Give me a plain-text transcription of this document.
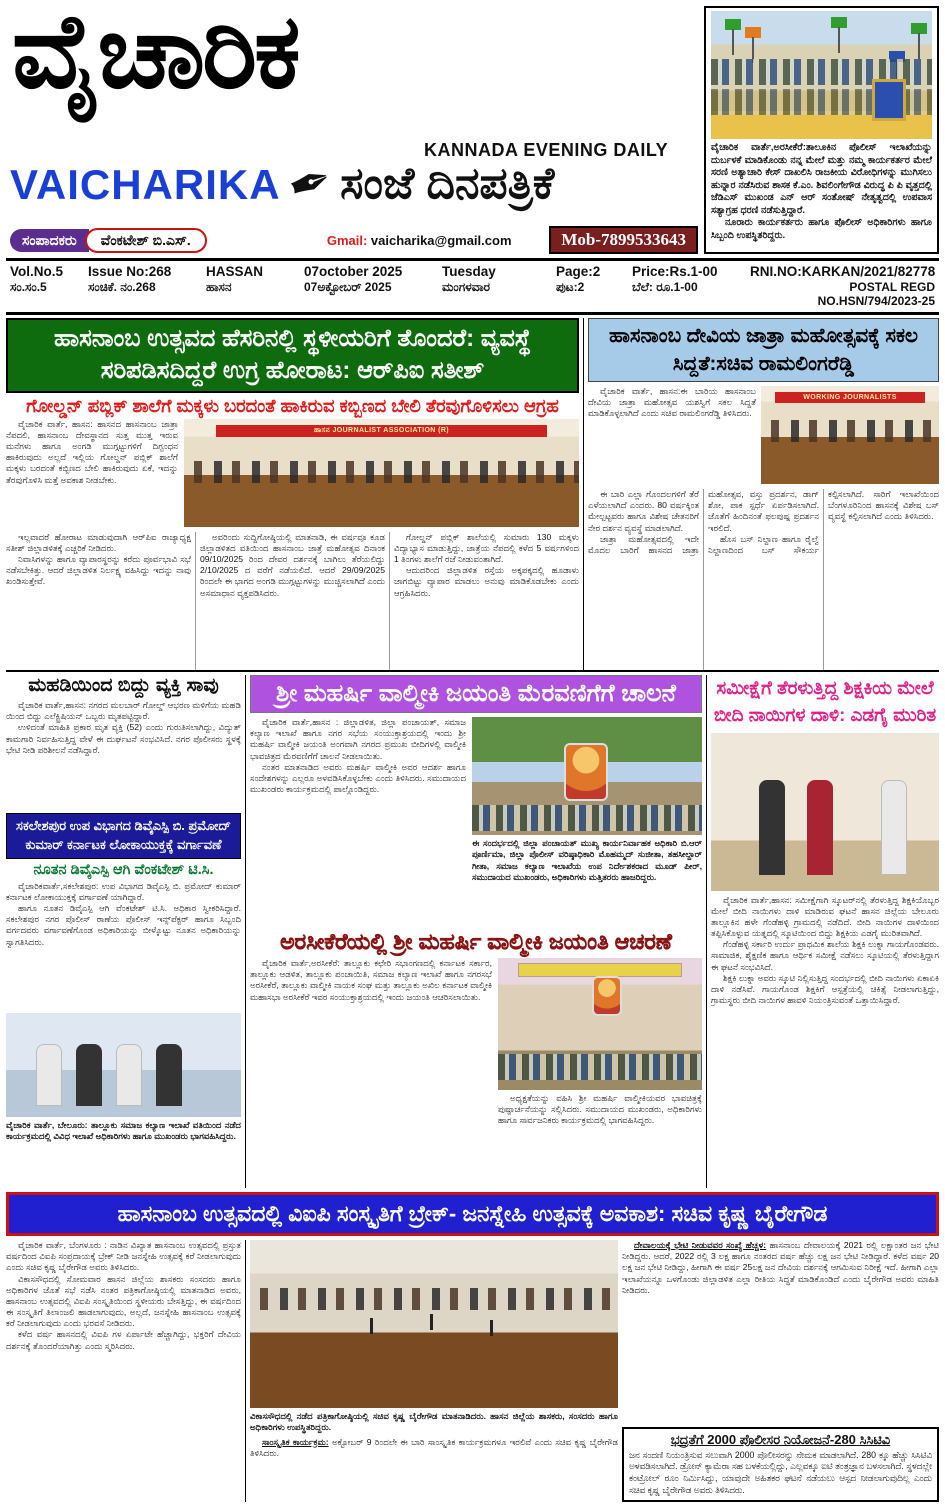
ವೈಚಾರಿಕ
KANNADA EVENING DAILY
VAICHARIKA ✒ ಸಂಜೆ ದಿನಪತ್ರಿಕೆ
ಸಂಪಾದಕರು	ವೆಂಕಟೇಶ್ ಬಿ.ಎಸ್.	Gmail: vaicharika@gmail.com	Mob-7899533643

ವೈಚಾರಿಕ ವಾರ್ತೆ,ಅರಸೀಕೆರೆ:ತಾಲೂಕಿನ ಪೊಲೀಸ್ ಇಲಾಖೆಯನ್ನು ದುರ್ಬಳಕೆ ಮಾಡಿಕೊಂಡು ನನ್ನ ಮೇಲೆ ಮತ್ತು ನಮ್ಮ ಕಾರ್ಯಕರ್ತರ ಮೇಲೆ ಸರಣಿ ಅತ್ಯಾಚಾರಿ ಕೇಸ್ ದಾಖಲಿಸಿ ರಾಜಕೀಯ ವಿರೋಧಿಗಳನ್ನು ಮುಗಿಸಲು ಹುನ್ನಾರ ನಡೆಸಿರುವ ಶಾಸಕ ಕೆ.ಎಂ. ಶಿವಲಿಂಗೇಗೌಡ ವಿರುದ್ಧ ಪಿ ಪಿ ವೃತ್ತದಲ್ಲಿ ಜೆಡಿಎಸ್ ಮುಖಂಡ ಎನ್ ಆರ್ ಸಂತೋಷ್ ನೇತೃತ್ವದಲ್ಲಿ ಉಪವಾಸ ಸತ್ಯಾಗ್ರಹ ಧರಣಿ ನಡೆಸುತ್ತಿದ್ದಾರೆ.

ನೂರಾರು ಕಾರ್ಯಕರ್ತರು ಹಾಗೂ ಪೊಲೀಸ್ ಅಧಿಕಾರಿಗಳು ಹಾಗೂ ಸಿಬ್ಬಂದಿ ಉಪಸ್ಥಿತರಿದ್ದರು.

Vol.No.5	Issue No:268	HASSAN	07october 2025	Tuesday	Page:2	Price:Rs.1-00	RNI.NO:KARKAN/2021/82778
ಸಂ.ಸಂ.5	ಸಂಚಿಕೆ. ನಂ.268	ಹಾಸನ	07ಅಕ್ಟೋಬರ್ 2025	ಮಂಗಳವಾರ	ಪುಟ:2	ಬೆಲೆ: ರೂ.1-00	POSTAL REGD NO.HSN/794/2023-25
ಹಾಸನಾಂಬ ಉತ್ಸವದ ಹೆಸರಿನಲ್ಲಿ ಸ್ಥಳೀಯರಿಗೆ ತೊಂದರೆ: ವ್ಯವಸ್ಥೆ ಸರಿಪಡಿಸದಿದ್ದರೆ ಉಗ್ರ ಹೋರಾಟ: ಆರ್‌ಪಿಐ ಸತೀಶ್
ಗೋಲ್ಡನ್ ಪಬ್ಲಿಕ್ ಶಾಲೆಗೆ ಮಕ್ಕಳು ಬರದಂತೆ ಹಾಕಿರುವ ಕಬ್ಬಿಣದ ಬೇಲಿ ತೆರವುಗೊಳಿಸಲು ಆಗ್ರಹ

ವೈಚಾರಿಕ ವಾರ್ತೆ, ಹಾಸನ: ಹಾಸನದ ಹಾಸನಾಂಬ ಜಾತ್ರಾ ನೆಪದಲಿ, ಹಾಸನಾಂಬ ದೇವಸ್ಥಾನದ ಸುತ್ತ ಮುತ್ತ ಇರುವ ಮನೆಗಳು ಹಾಗೂ ಅಂಗಡಿ ಮುಗ್ಗಟ್ಟುಗಳಿಗೆ ದಿಗ್ಬಂಧನ ಹಾಕಿರುವುದು ಅಲ್ಲದೆ ಇಲ್ಲಿಯ ಗೋಲ್ಡನ್ ಪಬ್ಲಿಕ್ ಶಾಲೆಗೆ ಮಕ್ಕಳು ಬರದಂತೆ ಕಬ್ಬಿಣದ ಬೇಲಿ ಹಾಕಿರುವುದು ಏಕೆ, ಇದನ್ನು ತೆರವುಗೊಳಿಸಿ ಮತ್ತೆ ಅವಕಾಶ ನೀಡಬೇಕು.

ಹಾಸನ JOURNALIST ASSOCIATION (R)

ಇಲ್ಲವಾದರೆ ಹೋರಾಟ ಮಾಡುವುದಾಗಿ ಆರ್‌ಪಿಐ ರಾಜ್ಯಾಧ್ಯಕ್ಷ ಸತೀಶ್ ಜಿಲ್ಲಾಡಳಿತಕ್ಕೆ ಎಚ್ಚರಿಕೆ ನೀಡಿದರು.

ನಿವಾಸಿಗಳನ್ನು ಹಾಗೂ ವ್ಯಾಪಾರಸ್ಥರನ್ನು ಕರೆದು ಪೂರ್ವಭಾವಿ ಸಭೆ ನಡೆಸಬೇಕಿತ್ತು. ಆದರೆ ಜಿಲ್ಲಾಡಳಿತ ನಿರ್ಲಕ್ಷ್ಯ ವಹಿಸಿದ್ದು ಇದನ್ನು ನಾವು ಖಂಡಿಸುತ್ತೇವೆ.

ಅವರಿಂದು ಸುದ್ದಿಗೋಷ್ಠಿಯಲ್ಲಿ ಮಾತನಾಡಿ, ಈ ವರ್ಷವೂ ಕೂಡ ಜಿಲ್ಲಾಡಳಿತದ ವತಿಯಿಂದ ಹಾಸನಾಂಬ ಜಾತ್ರೆ ಮಹೋತ್ಸವ ದಿನಾಂಕ 09/10/2025 ರಿಂದ ದೇವರ ದರ್ಶನಕ್ಕೆ ಬಾಗಿಲು ತೆರೆಯಲಿದ್ದು 2/10/2025 ದ ವರೆಗೆ ನಡೆಯಲಿದೆ. ಆದರೆ 29/09/2025 ರಿಂದಲೇ ಈ ಭಾಗದ ಅಂಗಡಿ ಮುಗ್ಗಟ್ಟುಗಳನ್ನು ಮುಚ್ಚಿಸಲಾಗಿದೆ ಎಂದು ಅಸಮಾಧಾನ ವ್ಯಕ್ತಪಡಿಸಿದರು.

ಗೋಲ್ಡನ್ ಪಬ್ಲಿಕ್ ಶಾಲೆಯಲ್ಲಿ ಸುಮಾರು 130 ಮಕ್ಕಳು ವಿದ್ಯಾಭ್ಯಾಸ ಮಾಡುತ್ತಿದ್ದು, ಜಾತ್ರೆಯ ನೆಪದಲ್ಲಿ ಕಳೆದ 5 ವರ್ಷಗಳಿಂದ 1 ತಿಂಗಳು ಶಾಲೆಗೆ ರಜೆ ನೀಡುವಂತಾಗಿದೆ.

ಆದುದರಿಂದ ಜಿಲ್ಲಾಡಳಿತ ರಸ್ತೆಯ ಅಕ್ಕಪಕ್ಕದಲ್ಲಿ ಹೂಡಾಳು ಜಾಗಬಿಟ್ಟು ವ್ಯಾಪಾರ ಮಾಡಲು ಅನುವು ಮಾಡಿಕೊಡಬೇಕು ಎಂದು ಆಗ್ರಹಿಸಿದರು.

ಹಾಸನಾಂಬ ದೇವಿಯ ಜಾತ್ರಾ ಮಹೋತ್ಸವಕ್ಕೆ ಸಕಲ ಸಿದ್ದತೆ:ಸಚಿವ ರಾಮಲಿಂಗರೆಡ್ಡಿ

ವೈಚಾರಿಕ ವಾರ್ತೆ, ಹಾಸನ:ಈ ಬಾರಿಯ ಹಾಸನಾಂಬ ದೇವಿಯ ಜಾತ್ರಾ ಮಹೋತ್ಸವ ಯಶಸ್ವಿಗೆ ಸಕಲ ಸಿದ್ದತೆ ಮಾಡಿಕೊಳ್ಳಲಾಗಿದೆ ಎಂದು ಸಚಿವ ರಾಮಲಿಂಗರೆಡ್ಡಿ ತಿಳಿಸಿದರು.

WORKING JOURNALISTS

ಈ ಬಾರಿ ಎಲ್ಲಾ ಗೊಂದಲಗಳಿಗೆ ತೆರೆ ಎಳೆಯಲಾಗಿದೆ ಎಂದರು. 80 ವರ್ಷಕ್ಕಿಂತ ಮೇಲ್ಪಟ್ಟವರು ಹಾಗೂ ವಿಶೇಷ ಚೇತನರಿಗೆ ನೇರ ದರ್ಶನ ವ್ಯವಸ್ಥೆ ಮಾಡಲಾಗಿದೆ.

ಜಾತ್ರಾ ಮಹೋತ್ಸವದಲ್ಲಿ ಇದೇ ಮೊದಲ ಬಾರಿಗೆ ಹಾಸನದ ಜಾತ್ರಾ ಮಹೋತ್ಸವ, ವಸ್ತು ಪ್ರದರ್ಶನ, ಡಾಗ್ ಶೋ, ಪಾಕ ಸ್ಪರ್ಧೆ ಏರ್ಪಡಿಸಲಾಗಿದೆ. ಜೊತೆಗೆ ಹಿಂದಿನಂತೆ ಫಲಪುಷ್ಪ ಪ್ರದರ್ಶನ ಇರಲಿದೆ.

ಹೊಸ ಬಸ್ ನಿಲ್ದಾಣ ಹಾಗೂ ರೈಲ್ವೆ ನಿಲ್ದಾಣದಿಂದ ಬಸ್ ಸೌಕರ್ಯ ಕಲ್ಪಿಸಲಾಗಿದೆ. ಸಾರಿಗೆ ಇಲಾಖೆಯಿಂದ ಬೆಂಗಳೂರಿನಿಂದ ಹಾಸನಕ್ಕೆ ವಿಶೇಷ ಬಸ್ ವ್ಯವಸ್ಥೆ ಕಲ್ಪಿಸಲಾಗಿದೆ ಎಂದು ತಿಳಿಸಿದರು.

ಮಹಡಿಯಿಂದ ಬಿದ್ದು ವ್ಯಕ್ತಿ ಸಾವು

ವೈಚಾರಿಕ ವಾರ್ತೆ,ಹಾಸನ: ನಗರದ ಮಲಬಾರ್ ಗೋಲ್ಡ್ ಆಭರಣ ಮಳಿಗೆಯ ಮಹಡಿ ಯಿಂದ ಬಿದ್ದು ಎಲೆಕ್ಟ್ರಿಷಿಯನ್ ಒಬ್ಬರು ಮೃತಪಟ್ಟಿದ್ದಾರೆ.

ಉಳಿದಂತೆ ಮಾಹಿತಿ ಪ್ರಕಾರ ಮೃತ ವ್ಯಕ್ತಿ (52) ಎಂದು ಗುರುತಿಸಲಾಗಿದ್ದು, ವಿದ್ಯುತ್ ಕಾಮಗಾರಿ ನಿರ್ವಹಿಸುತ್ತಿದ್ದ ವೇಳೆ ಈ ದುರ್ಘಟನೆ ಸಂಭವಿಸಿದೆ. ನಗರ ಪೊಲೀಸರು ಸ್ಥಳಕ್ಕೆ ಭೇಟಿ ನೀಡಿ ಪರಿಶೀಲನೆ ನಡೆಸಿದ್ದಾರೆ.

ಸಕಲೇಶಪುರ ಉಪ ವಿಭಾಗದ ಡಿವೈಎಸ್ಪಿ ಬಿ. ಪ್ರಮೋದ್ ಕುಮಾರ್ ಕರ್ನಾಟಕ ಲೋಕಾಯುಕ್ತಕ್ಕೆ ವರ್ಗಾವಣೆ
ನೂತನ ಡಿವೈಎಸ್ಪಿ ಆಗಿ ವೆಂಕಟೇಶ್ ಟಿ.ಸಿ.

ವೈಚಾರಿಕವಾರ್ತೆ,ಸಕಲೇಶಪುರ: ಉಪ ವಿಭಾಗದ ಡಿವೈಎಸ್ಪಿ ಬಿ. ಪ್ರಮೋದ್ ಕುಮಾರ್ ಕರ್ನಾಟಕ ಲೋಕಾಯುಕ್ತಕ್ಕೆ ವರ್ಗಾವಣೆ ಯಾಗಿದ್ದಾರೆ.

ಹಾಗೂ ನೂತನ ಡಿವೈಎಸ್ಪಿ ಆಗಿ ವೆಂಕಟೇಶ್ ಟಿ.ಸಿ. ಅಧಿಕಾರ ಸ್ವೀಕರಿಸಿದ್ದಾರೆ. ಸಕಲೇಶಪುರ ನಗರ ಪೊಲೀಸ್ ಠಾಣೆಯ ಪೊಲೀಸ್ ಇನ್ಸ್‌ಪೆಕ್ಟರ್ ಹಾಗೂ ಸಿಬ್ಬಂದಿ ವರ್ಗದವರು ವರ್ಗಾವಣೆಗೊಂಡ ಅಧಿಕಾರಿಯನ್ನು ಬೀಳ್ಕೊಟ್ಟು ನೂತನ ಅಧಿಕಾರಿಯನ್ನು ಸ್ವಾಗತಿಸಿದರು.

ವೈಚಾರಿಕ ವಾರ್ತೆ, ಬೇಲೂರು: ತಾಲ್ಲೂಕು ಸಮಾಜ ಕಲ್ಯಾಣ ಇಲಾಖೆ ವತಿಯಿಂದ ನಡೆದ ಕಾರ್ಯಕ್ರಮದಲ್ಲಿ ವಿವಿಧ ಇಲಾಖೆ ಅಧಿಕಾರಿಗಳು ಹಾಗೂ ಮುಖಂಡರು ಭಾಗವಹಿಸಿದ್ದರು.
ಶ್ರೀ ಮಹರ್ಷಿ ವಾಲ್ಮೀಕಿ ಜಯಂತಿ ಮೆರವಣಿಗೆಗೆ ಚಾಲನೆ

ವೈಚಾರಿಕ ವಾರ್ತೆ,ಹಾಸನ : ಜಿಲ್ಲಾಡಳಿತ, ಜಿಲ್ಲಾ ಪಂಚಾಯತ್, ಸಮಾಜ ಕಲ್ಯಾಣ ಇಲಾಖೆ ಹಾಗೂ ನಗರ ಸಭೆಯ ಸಂಯುಕ್ತಾಶ್ರಯದಲ್ಲಿ ಇಂದು ಶ್ರೀ ಮಹರ್ಷಿ ವಾಲ್ಮೀಕಿ ಜಯಂತಿ ಅಂಗವಾಗಿ ನಗರದ ಪ್ರಮುಖ ಬೀದಿಗಳಲ್ಲಿ ವಾಲ್ಮೀಕಿ ಭಾವಚಿತ್ರದ ಮೆರವಣಿಗೆಗೆ ಚಾಲನೆ ನೀಡಲಾಯಿತು.

ನಂತರ ಮಾತನಾಡಿದ ಅವರು ಮಹರ್ಷಿ ವಾಲ್ಮೀಕಿ ಅವರ ಆದರ್ಶ ಹಾಗೂ ಸಂದೇಶಗಳನ್ನು ಎಲ್ಲರೂ ಅಳವಡಿಸಿಕೊಳ್ಳಬೇಕು ಎಂದು ತಿಳಿಸಿದರು. ಸಮುದಾಯದ ಮುಖಂಡರು ಕಾರ್ಯಕ್ರಮದಲ್ಲಿ ಪಾಲ್ಗೊಂಡಿದ್ದರು.

ಈ ಸಂದರ್ಭದಲ್ಲಿ ಜಿಲ್ಲಾ ಪಂಚಾಯತ್ ಮುಖ್ಯ ಕಾರ್ಯನಿರ್ವಾಹಕ ಅಧಿಕಾರಿ ಬಿ.ಆರ್ ಪೂರ್ಣಿಮಾ, ಜಿಲ್ಲಾ ಪೊಲೀಸ್ ವರಿಷ್ಠಾಧಿಕಾರಿ ಮೊಹಮ್ಮದ್ ಸುಜೀತಾ, ತಹಸೀಲ್ದಾರ್ ಗೀತಾ, ಸಮಾಜ ಕಲ್ಯಾಣ ಇಲಾಖೆಯ ಉಪ ನಿರ್ದೇಶಕರಾದ ಮೂಡ್ ಪೀರ್, ಸಮುದಾಯದ ಮುಖಂಡರು, ಅಧಿಕಾರಿಗಳು ಮತ್ತಿತರರು ಹಾಜರಿದ್ದರು.
ಅರಸೀಕೆರೆಯಲ್ಲಿ ಶ್ರೀ ಮಹರ್ಷಿ ವಾಲ್ಮೀಕಿ ಜಯಂತಿ ಆಚರಣೆ

ವೈಚಾರಿಕ ವಾರ್ತೆ,ಅರಸೀಕೆರೆ: ತಾಲ್ಲೂಕು ಕಛೇರಿ ಸಭಾಂಗಣದಲ್ಲಿ ಕರ್ನಾಟಕ ಸರ್ಕಾರ, ತಾಲ್ಲೂಕು ಆಡಳಿತ, ತಾಲ್ಲೂಕು ಪಂಚಾಯಿತಿ, ಸಮಾಜ ಕಲ್ಯಾಣ ಇಲಾಖೆ ಹಾಗೂ ನಗರಸಭೆ ಅರಸೀಕೆರೆ, ತಾಲ್ಲೂಕು ವಾಲ್ಮೀಕಿ ನಾಯಕ ಸಂಘ ಮತ್ತು ತಾಲ್ಲೂಕು ಅಖಿಲ ಕರ್ನಾಟಕ ವಾಲ್ಮೀಕಿ ಮಹಾಸಭಾ ಅರಸೀಕೆರೆ ಇವರ ಸಂಯುಕ್ತಾಶ್ರಯದಲ್ಲಿ ಇಂದು ಜಯಂತಿ ಆಚರಿಸಲಾಯಿತು.

ಅಧ್ಯಕ್ಷತೆಯನ್ನು ವಹಿಸಿ ಶ್ರೀ ಮಹರ್ಷಿ ವಾಲ್ಮೀಕಿಯವರ ಭಾವಚಿತ್ರಕ್ಕೆ ಪುಷ್ಪಾರ್ಚನೆಯನ್ನು ಸಲ್ಲಿಸಿದರು. ಸಮುದಾಯದ ಮುಖಂಡರು, ಅಧಿಕಾರಿಗಳು ಹಾಗೂ ಸಾರ್ವಜನಿಕರು ಕಾರ್ಯಕ್ರಮದಲ್ಲಿ ಭಾಗವಹಿಸಿದ್ದರು.

ಸಮೀಕ್ಷೆಗೆ ತೆರಳುತ್ತಿದ್ದ ಶಿಕ್ಷಕಿಯ ಮೇಲೆ ಬೀದಿ ನಾಯಿಗಳ ದಾಳಿ: ಎಡಗೈ ಮುರಿತ

ವೈಚಾರಿಕ ವಾರ್ತೆ,ಹಾಸನ: ಸಮೀಕ್ಷೆಗಾಗಿ ಸ್ಕೂಟರ್‌ನಲ್ಲಿ ತೆರಳುತ್ತಿದ್ದ ಶಿಕ್ಷಕಿಯೊಬ್ಬರ ಮೇಲೆ ಬೀದಿ ನಾಯಿಗಳು ದಾಳಿ ಮಾಡಿರುವ ಘಟನೆ ಹಾಸನ ಜಿಲ್ಲೆಯ ಬೇಲೂರು ತಾಲ್ಲೂಕಿನ ಹಳೇ ಗೆಂಡೆಹಳ್ಳಿ ಗ್ರಾಮದಲ್ಲಿ ನಡೆದಿದೆ. ಬೀದಿ ನಾಯಿಗಳ ದಾಳಿಯಿಂದ ತಪ್ಪಿಸಿಕೊಳ್ಳುವ ಯತ್ನದಲ್ಲಿ ಸ್ಕೂಟಿಯಿಂದ ಬಿದ್ದು ಶಿಕ್ಷಕಿಯ ಎಡಗೈ ಮುರಿತವಾಗಿದೆ.

ಗೆಂಡೆಹಳ್ಳಿ ಸರ್ಕಾರಿ ಉರ್ದು ಪ್ರಾಥಮಿಕ ಶಾಲೆಯ ಶಿಕ್ಷಕಿ ಲುಕ್ನಾ ಗಾಯಗೊಂಡವರು. ಸಾಮಾಜಿಕ, ಶೈಕ್ಷಣಿಕ ಹಾಗೂ ಆರ್ಥಿಕ ಸಮೀಕ್ಷೆ ನಡೆಸಲು ಸ್ಕೂಟಿಯಲ್ಲಿ ತೆರಳುತ್ತಿದ್ದಾಗ ಈ ಘಟನೆ ಸಂಭವಿಸಿದೆ.

ಶಿಕ್ಷಕಿ ಲುಕ್ನಾ ಅವರು ಸ್ಕೂಟಿ ನಿಲ್ಲಿಸುತ್ತಿದ್ದ ಸಂದರ್ಭದಲ್ಲಿ ಬೀದಿ ನಾಯಿಗಳು ಏಕಾಏಕಿ ದಾಳಿ ನಡೆಸಿವೆ. ಗಾಯಗೊಂಡ ಶಿಕ್ಷಕಿಗೆ ಆಸ್ಪತ್ರೆಯಲ್ಲಿ ಚಿಕಿತ್ಸೆ ನೀಡಲಾಗುತ್ತಿದ್ದು, ಗ್ರಾಮಸ್ಥರು ಬೀದಿ ನಾಯಿಗಳ ಹಾವಳಿ ನಿಯಂತ್ರಿಸುವಂತೆ ಒತ್ತಾಯಿಸಿದ್ದಾರೆ.

ಹಾಸನಾಂಬ ಉತ್ಸವದಲ್ಲಿ ವಿಐಪಿ ಸಂಸ್ಕೃತಿಗೆ ಬ್ರೇಕ್- ಜನಸ್ನೇಹಿ ಉತ್ಸವಕ್ಕೆ ಅವಕಾಶ: ಸಚಿವ ಕೃಷ್ಣ ಬೈರೇಗೌಡ

ವೈಚಾರಿಕ ವಾರ್ತೆ, ಬೆಂಗಳೂರು : ನಾಡಿನ ವಿಖ್ಯಾತ ಹಾಸನಾಂಬ ಉತ್ಸವದಲ್ಲಿ ಪ್ರಸ್ತುತ ವರ್ಷದಿಂದ ವಿಐಪಿ ಸಂಪ್ರದಾಯಕ್ಕೆ ಬ್ರೇಕ್ ನೀಡಿ ಜನಸ್ನೇಹಿ ಉತ್ಸವಕ್ಕೆ ಕರೆ ನೀಡಲಾಗುವುದು ಎಂದು ಸಚಿವ ಕೃಷ್ಣ ಬೈರೇಗೌಡ ಅವರು ತಿಳಿಸಿದರು.

ವಿಕಾಸಸೌಧದಲ್ಲಿ ಸೋಮವಾರ ಹಾಸನ ಜಿಲ್ಲೆಯ ಶಾಸಕರು ಸಂಸದರು ಹಾಗೂ ಅಧಿಕಾರಿಗಳ ಜೊತೆ ಸಭೆ ನಡೆಸಿ ನಂತರ ಪತ್ರಿಕಾಗೋಷ್ಠಿಯಲ್ಲಿ ಮಾತನಾಡಿದ ಅವರು, ಹಾಸನಾಂಬ ಉತ್ಸವದಲ್ಲಿ ವಿಐಪಿ ಸಂಸ್ಕೃತಿಯಿಂದ ಸ್ಥಳೀಯರು ಬೇಸತ್ತಿದ್ದು, ಈ ವರ್ಷದಿಂದ ಈ ಸಂಸ್ಕೃತಿಗೆ ತಿಲಾಂಜಲಿ ಹಾಡಲಾಗುವುದು, ಅಲ್ಲದೆ, ಜನಸ್ನೇಹಿ ಹಾಸನಾಂಬ ಉತ್ಸವಕ್ಕೆ ಕರೆ ನೀಡಲಾಗುವುದು ಎಂದು ಭರವಸೆ ನೀಡಿದರು.

ಕಳೆದ ವರ್ಷ ಹಾಸನದಲ್ಲಿ ವಿಐಪಿ ಗಳ ಏರ್ಪಾಟೇ ಹೆಚ್ಚಾಗಿದ್ದು, ಭಕ್ತರಿಗೆ ದೇವಿಯ ದರ್ಶನಕ್ಕೆ ತೊಂದರೆಯಾಗಿತ್ತು ಎಂದು ಸ್ಮರಿಸಿದರು.

ವಿಕಾಸಸೌಧದಲ್ಲಿ ನಡೆದ ಪತ್ರಿಕಾಗೋಷ್ಠಿಯಲ್ಲಿ ಸಚಿವ ಕೃಷ್ಣ ಬೈರೇಗೌಡ ಮಾತನಾಡಿದರು. ಹಾಸನ ಜಿಲ್ಲೆಯ ಶಾಸಕರು, ಸಂಸದರು ಹಾಗೂ ಅಧಿಕಾರಿಗಳು ಉಪಸ್ಥಿತರಿದ್ದರು.

ಸಾಂಸ್ಕೃತಿಕ ಕಾರ್ಯಕ್ರಮ: ಅಕ್ಟೋಬರ್ 9 ರಿಂದಲೇ ಈ ಬಾರಿ ಸಾಂಸ್ಕೃತಿಕ ಕಾರ್ಯಕ್ರಮಗಳೂ ಇರಲಿವೆ ಎಂದು ಸಚಿವ ಕೃಷ್ಣ ಬೈರೇಗೌಡ ತಿಳಿಸಿದರು.

ದೇವಾಲಯಕ್ಕೆ ಭೇಟಿ ನೀಡುವವರ ಸಂಖ್ಯೆ ಹೆಚ್ಚಳ: ಹಾಸನಾಂಬ ದೇವಾಲಯಕ್ಕೆ 2021 ರಲ್ಲಿ ಲಕ್ಷಾಂತರ ಜನ ಭೇಟಿ ನೀಡಿದ್ದರು. ಆದರೆ, 2022 ರಲ್ಲಿ 3 ಲಕ್ಷ ಹಾಗೂ ನಂತರದ ವರ್ಷ ಹೆಚ್ಚು ಲಕ್ಷ ಜನ ಭೇಟಿ ನೀಡಿದ್ದಾರೆ. ಕಳೆದ ವರ್ಷ 20 ಲಕ್ಷ ಜನ ಭೇಟಿ ನೀಡಿದ್ದು, ಹೀಗಾಗಿ ಈ ವರ್ಷ 25ಲಕ್ಷ ಜನ ದೇವಿಯ ದರ್ಶನಕ್ಕೆ ಆಗಮಿಸುವ ನಿರೀಕ್ಷೆ ಇದೆ. ಹೀಗಾಗಿ ಎಲ್ಲಾ ಇಲಾಖೆಯನ್ನೂ ಒಳಗೊಂಡು ಜಿಲ್ಲಾಡಳಿತ ಎಲ್ಲಾ ರೀತಿಯ ಸಿದ್ಧತೆ ಮಾಡಿಕೊಂಡಿದೆ ಎಂದು ಬೈರೇಗೌಡ ಅವರು ಮಾಹಿತಿ ನೀಡಿದರು.

ಭದ್ರತೆಗೆ 2000 ಪೊಲೀಸರ ನಿಯೋಜನೆ-280 ಸಿಸಿಟಿವಿ
ಜನ ಸಂದಣಿ ನಿಯಂತ್ರಿಸುವ ಸಲುವಾಗಿ 2000 ಪೊಲೀಸರನ್ನು ನೇಮಕ ಮಾಡಲಾಗಿದೆ. 280 ಕ್ಕೂ ಹೆಚ್ಚು ಸಿಸಿಟಿವಿ ಅಳವಡಿಸಲಾಗಿದೆ. ಡ್ರೋನ್ ಕ್ಯಾಮೆರಾ ಸಹ ಬಳಕೆಯಲ್ಲಿದ್ದು, ಎಲ್ಲವಕ್ಕೂ ಐಟಿ ತಂತ್ರಜ್ಞಾನ ಬಳಸಲಾಗಿದೆ. ಸ್ಥಳದಲ್ಲೇ ಕಂಟ್ರೋಲ್ ರೂಂ ನಿರ್ಮಿಸಿದ್ದು, ಯಾವುದೇ ಅಹಿತಕರ ಘಟನೆ ನಡೆಯಲು ಆಸ್ಪದ ನೀಡಲಾಗುವುದಿಲ್ಲ ಎಂದು ಸಚಿವ ಕೃಷ್ಣ ಬೈರೇಗೌಡ ಅವರು ತಿಳಿಸಿದರು.
